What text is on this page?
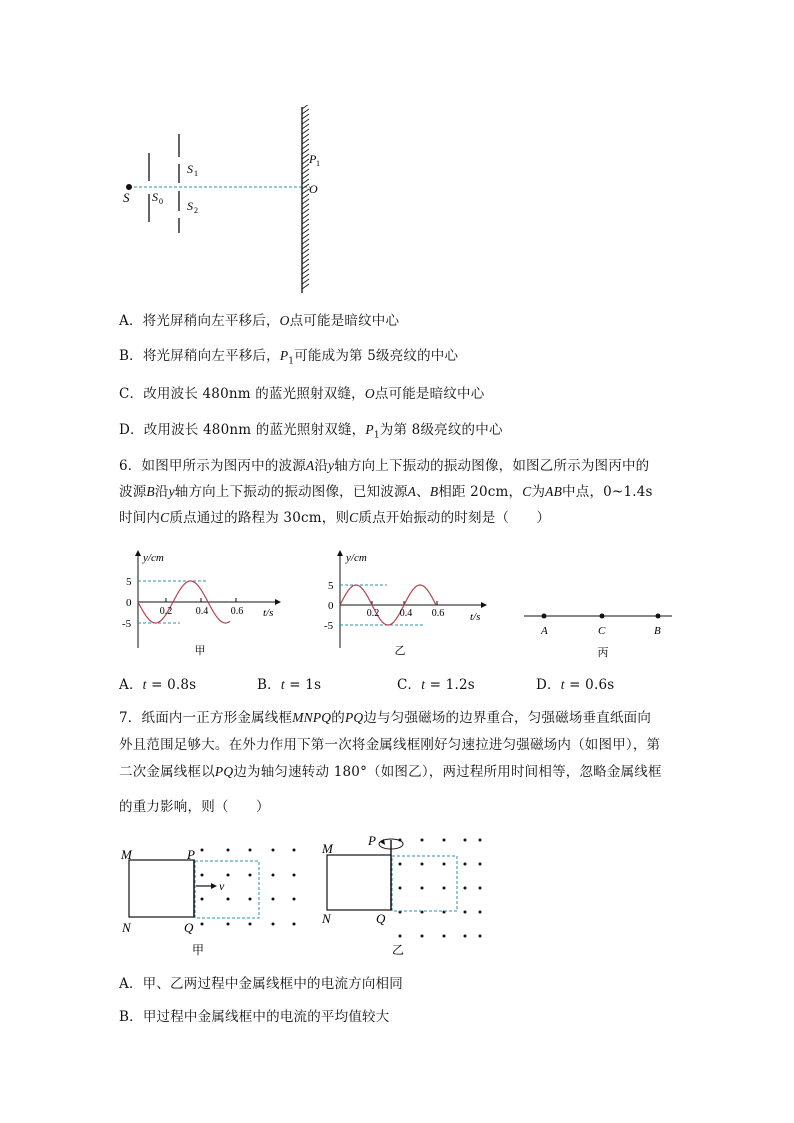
S S 0
S 1
S 2
P 1
O
A．将光屏稍向左平移后，O点可能是暗纹中心
B．将光屏稍向左平移后，$P_1$可能成为第 5级亮纹的中心
C．改用波长 480nm 的蓝光照射双缝，O点可能是暗纹中心
D．改用波长 480nm 的蓝光照射双缝，$P_1$为第 8级亮纹的中心
6．如图甲所示为图丙中的波源A沿y轴方向上下振动的振动图像，如图乙所示为图丙中的
波源B沿y轴方向上下振动的振动图像，已知波源A、B相距 20cm，C为AB中点，0~1.4s
时间内C质点通过的路程为 30cm，则C质点开始振动的时刻是（　　）
y/cm
t/s
5
0
-5
0.2 0.4 0.6
甲
y/cm
t/s
5
0
-5
0.2 0.4 0.6
乙
A	C	B
丙
A．t = 0.8s	B．t = 1s	C．t = 1.2s	D．t = 0.6s
7．纸面内一正方形金属线框MNPQ的PQ边与匀强磁场的边界重合，匀强磁场垂直纸面向
外且范围足够大。在外力作用下第一次将金属线框刚好匀速拉进匀强磁场内（如图甲），第
二次金属线框以PQ边为轴匀速转动 180°（如图乙），两过程所用时间相等，忽略金属线框
的重力影响，则（　　）
M
N
P
Q
v
甲
M
N
P
Q
乙
A．甲、乙两过程中金属线框中的电流方向相同
B．甲过程中金属线框中的电流的平均值较大
